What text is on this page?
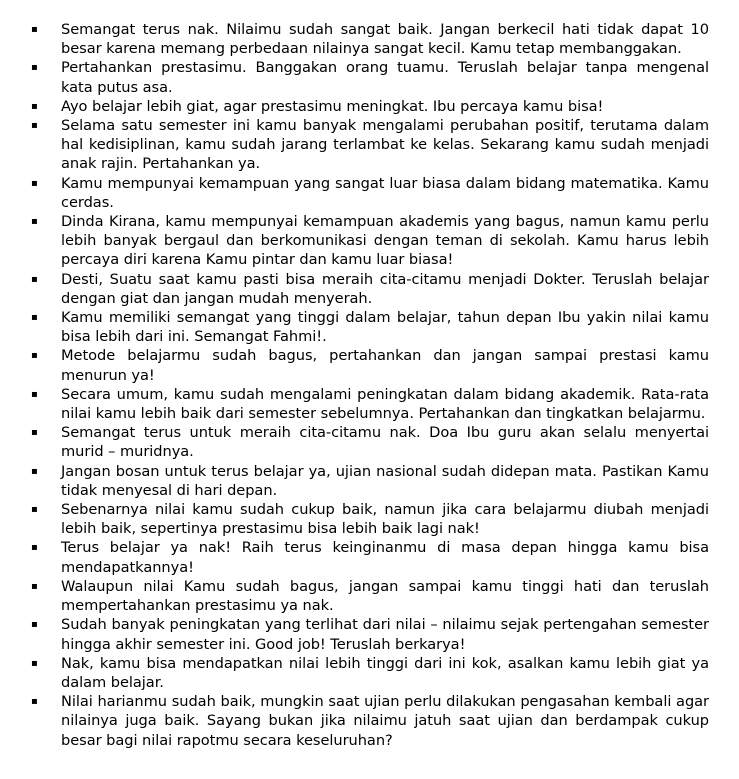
▪ Semangat terus nak. Nilaimu sudah sangat baik. Jangan berkecil hati tidak dapat 10 besar karena memang perbedaan nilainya sangat kecil. Kamu tetap membanggakan.
▪ Pertahankan prestasimu. Banggakan orang tuamu. Teruslah belajar tanpa mengenal kata putus asa.
▪ Ayo belajar lebih giat, agar prestasimu meningkat. Ibu percaya kamu bisa!
▪ Selama satu semester ini kamu banyak mengalami perubahan positif, terutama dalam hal kedisiplinan, kamu sudah jarang terlambat ke kelas. Sekarang kamu sudah menjadi anak rajin. Pertahankan ya.
▪ Kamu mempunyai kemampuan yang sangat luar biasa dalam bidang matematika. Kamu cerdas.
▪ Dinda Kirana, kamu mempunyai kemampuan akademis yang bagus, namun kamu perlu lebih banyak bergaul dan berkomunikasi dengan teman di sekolah. Kamu harus lebih percaya diri karena Kamu pintar dan kamu luar biasa!
▪ Desti, Suatu saat kamu pasti bisa meraih cita-citamu menjadi Dokter. Teruslah belajar dengan giat dan jangan mudah menyerah.
▪ Kamu memiliki semangat yang tinggi dalam belajar, tahun depan Ibu yakin nilai kamu bisa lebih dari ini. Semangat Fahmi!.
▪ Metode belajarmu sudah bagus, pertahankan dan jangan sampai prestasi kamu menurun ya!
▪ Secara umum, kamu sudah mengalami peningkatan dalam bidang akademik. Rata-rata nilai kamu lebih baik dari semester sebelumnya. Pertahankan dan tingkatkan belajarmu.
▪ Semangat terus untuk meraih cita-citamu nak. Doa Ibu guru akan selalu menyertai murid – muridnya.
▪ Jangan bosan untuk terus belajar ya, ujian nasional sudah didepan mata. Pastikan Kamu tidak menyesal di hari depan.
▪ Sebenarnya nilai kamu sudah cukup baik, namun jika cara belajarmu diubah menjadi lebih baik, sepertinya prestasimu bisa lebih baik lagi nak!
▪ Terus belajar ya nak! Raih terus keinginanmu di masa depan hingga kamu bisa mendapatkannya!
▪ Walaupun nilai Kamu sudah bagus, jangan sampai kamu tinggi hati dan teruslah mempertahankan prestasimu ya nak.
▪ Sudah banyak peningkatan yang terlihat dari nilai – nilaimu sejak pertengahan semester hingga akhir semester ini. Good job! Teruslah berkarya!
▪ Nak, kamu bisa mendapatkan nilai lebih tinggi dari ini kok, asalkan kamu lebih giat ya dalam belajar.
▪ Nilai harianmu sudah baik, mungkin saat ujian perlu dilakukan pengasahan kembali agar nilainya juga baik. Sayang bukan jika nilaimu jatuh saat ujian dan berdampak cukup besar bagi nilai rapotmu secara keseluruhan?
